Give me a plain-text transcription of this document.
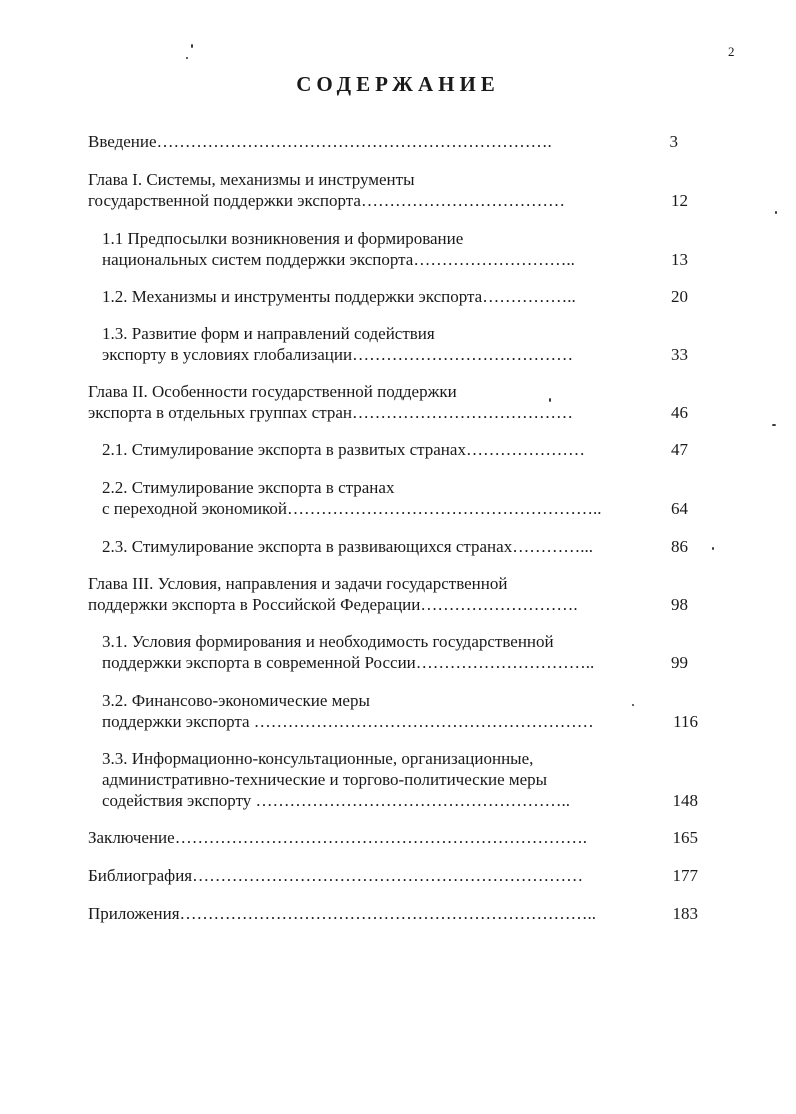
2
СОДЕРЖАНИЕ
Введение…………………………………………………………….	3
Глава I. Системы, механизмы и инструменты
государственной поддержки экспорта………………………………	12
1.1 Предпосылки возникновения и формирование
национальных систем поддержки экспорта………………………..	13
1.2. Механизмы и инструменты поддержки экспорта……………..	20
1.3. Развитие форм и направлений содействия
экспорту в условиях глобализации…………………………………	33
Глава II. Особенности государственной поддержки
экспорта в отдельных группах стран…………………………………	46
2.1. Стимулирование экспорта в развитых странах…………………	47
2.2. Стимулирование экспорта в странах
с переходной экономикой………………………………………………..	64
2.3. Стимулирование экспорта в развивающихся странах…………...	86
Глава III. Условия, направления и задачи государственной
поддержки экспорта в Российской Федерации……………………….	98
3.1. Условия формирования и необходимость государственной
поддержки экспорта в современной России…………………………..	99
3.2. Финансово-экономические меры
поддержки экспорта ……………………………………………………	116
3.3. Информационно-консультационные, организационные,
административно-технические и торгово-политические меры
содействия экспорту ………………………………………………..	148
Заключение……………………………………………………………….	165
Библиография……………………………………………………………	177
Приложения………………………………………………………………..	183
